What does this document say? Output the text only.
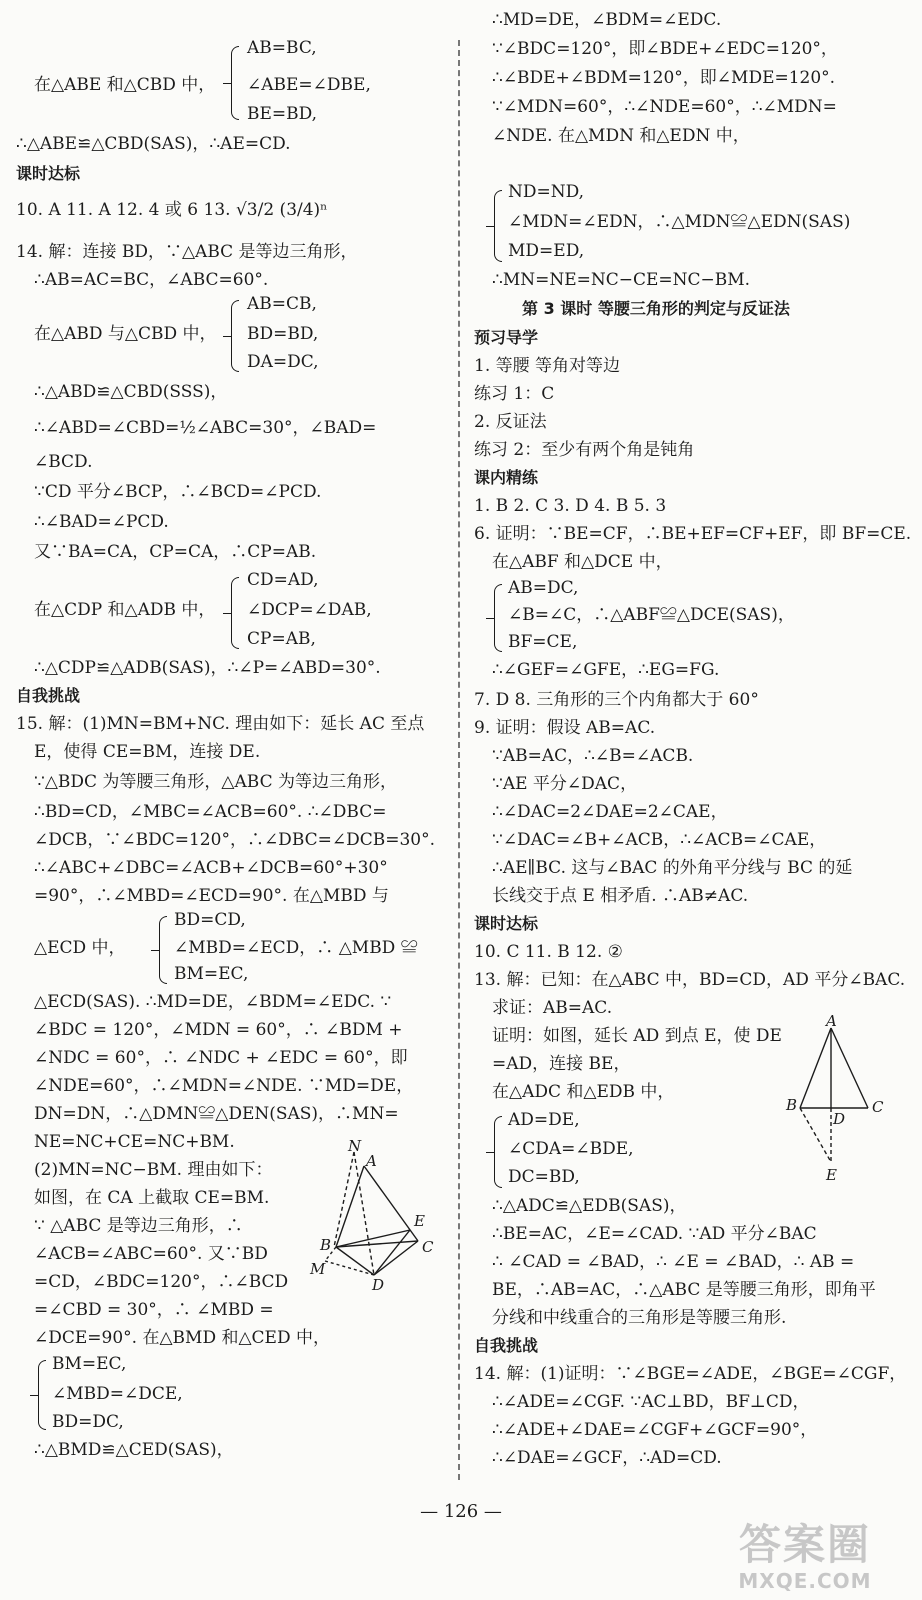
AB=BC,
在△ABE 和△CBD 中， ∠ABE=∠DBE,
BE=BD,
∴△ABE≌△CBD(SAS)，∴AE=CD.
课时达标
10. A 11. A 12. 4 或 6 13. √3/2 (3/4)ⁿ
14. 解：连接 BD，∵△ABC 是等边三角形，
∴AB=AC=BC，∠ABC=60°.
AB=CB,
在△ABD 与△CBD 中， BD=BD,
DA=DC,
∴△ABD≌△CBD(SSS)，
∴∠ABD=∠CBD=½∠ABC=30°，∠BAD=
∠BCD.
∵CD 平分∠BCP，∴∠BCD=∠PCD.
∴∠BAD=∠PCD.
又∵BA=CA，CP=CA，∴CP=AB.
CD=AD,
在△CDP 和△ADB 中， ∠DCP=∠DAB,
CP=AB,
∴△CDP≌△ADB(SAS)，∴∠P=∠ABD=30°.
自我挑战
15. 解：(1)MN=BM+NC. 理由如下：延长 AC 至点
E，使得 CE=BM，连接 DE.
∵△BDC 为等腰三角形，△ABC 为等边三角形，
∴BD=CD，∠MBC=∠ACB=60°. ∴∠DBC=
∠DCB，∵∠BDC=120°，∴∠DBC=∠DCB=30°.
∴∠ABC+∠DBC=∠ACB+∠DCB=60°+30°
=90°，∴∠MBD=∠ECD=90°. 在△MBD 与
BD=CD,
△ECD 中，	∠MBD=∠ECD，∴ △MBD ≌
BM=EC,
△ECD(SAS). ∴MD=DE，∠BDM=∠EDC. ∵
∠BDC = 120°，∠MDN = 60°，∴ ∠BDM +
∠NDC = 60°，∴ ∠NDC + ∠EDC = 60°，即
∠NDE=60°，∴∠MDN=∠NDE. ∵MD=DE，
DN=DN，∴△DMN≌△DEN(SAS)，∴MN=
NE=NC+CE=NC+BM.
(2)MN=NC−BM. 理由如下：
如图，在 CA 上截取 CE=BM.
∵ △ABC 是等边三角形，∴
∠ACB=∠ABC=60°. 又∵BD
=CD，∠BDC=120°，∴∠BCD
=∠CBD = 30°，∴ ∠MBD =
∠DCE=90°. 在△BMD 和△CED 中，
BM=EC,
∠MBD=∠DCE,
BD=DC,
∴△BMD≌△CED(SAS)，
N
A
E
B	C
M
D
∴MD=DE，∠BDM=∠EDC.
∵∠BDC=120°，即∠BDE+∠EDC=120°，
∴∠BDE+∠BDM=120°，即∠MDE=120°.
∵∠MDN=60°，∴∠NDE=60°，∴∠MDN=
∠NDE. 在△MDN 和△EDN 中，
ND=ND,
∠MDN=∠EDN，∴△MDN≌△EDN(SAS)
MD=ED,
∴MN=NE=NC−CE=NC−BM.
第 3 课时 等腰三角形的判定与反证法
预习导学
1. 等腰 等角对等边
练习 1：C
2. 反证法
练习 2：至少有两个角是钝角
课内精练
1. B 2. C 3. D 4. B 5. 3
6. 证明：∵BE=CF，∴BE+EF=CF+EF，即 BF=CE.
在△ABF 和△DCE 中，
AB=DC,
∠B=∠C，∴△ABF≌△DCE(SAS)，
BF=CE,
∴∠GEF=∠GFE，∴EG=FG.
7. D 8. 三角形的三个内角都大于 60°
9. 证明：假设 AB=AC.
∵AB=AC，∴∠B=∠ACB.
∵AE 平分∠DAC，
∴∠DAC=2∠DAE=2∠CAE，
∵∠DAC=∠B+∠ACB，∴∠ACB=∠CAE，
∴AE∥BC. 这与∠BAC 的外角平分线与 BC 的延
长线交于点 E 相矛盾. ∴AB≠AC.
课时达标
10. C 11. B 12. ②
13. 解：已知：在△ABC 中，BD=CD，AD 平分∠BAC.
求证：AB=AC.
证明：如图，延长 AD 到点 E，使 DE
=AD，连接 BE，
在△ADC 和△EDB 中，
AD=DE,
∠CDA=∠BDE,
DC=BD,
∴△ADC≌△EDB(SAS)，
∴BE=AC，∠E=∠CAD. ∵AD 平分∠BAC
∴ ∠CAD = ∠BAD，∴ ∠E = ∠BAD，∴ AB =
BE，∴AB=AC，∴△ABC 是等腰三角形，即角平
分线和中线重合的三角形是等腰三角形.
自我挑战
14. 解：(1)证明：∵∠BGE=∠ADE，∠BGE=∠CGF，
∴∠ADE=∠CGF. ∵AC⊥BD，BF⊥CD，
∴∠ADE+∠DAE=∠CGF+∠GCF=90°，
∴∠DAE=∠GCF，∴AD=CD.
A
B
D
C
E
— 126 —
答案圈
MXQE.COM
